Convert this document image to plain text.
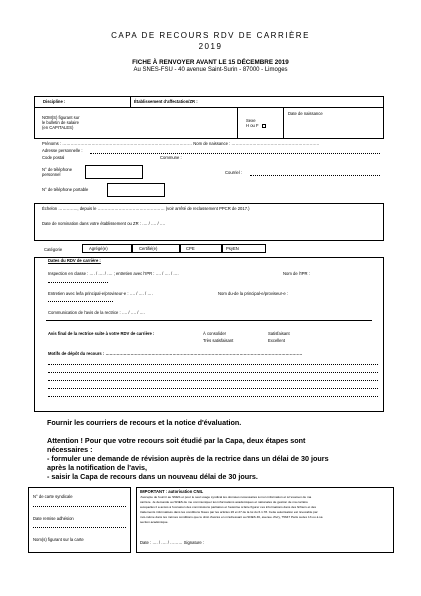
CAPA DE RECOURS RDV DE CARRIÈRE
2019
FICHE À RENVOYER AVANT LE 15 DÉCEMBRE 2019
Au SNES-FSU - 40 avenue Saint-Surin - 87000 - Limoges
Discipline :	Établissement d'affectation/ZR :
NOM(S) figurant sur
le bulletin de salaire
(en CAPITALES)
Sexe
H ou F
Date de naissance
Prénoms : ………………………………………………………………………………… Nom de naissance : ………………………………………………………
Adresse personnelle :
Code postal	Commune :
N° de téléphone
personnel	Courriel :
N° de téléphone portable
Échelon ………….., depuis le ………………………………………… (voir arrêté de reclassement PPCR de 2017.)
Date de nomination dans votre établissement ou ZR : …. / …. / ….
Catégorie	Agrégé(e)	Certifié(e)	CPE	PsyEN
Dates du RDV de carrière :
Inspection en classe : …. / …. / …. ; entretien avec l'IPR : …. / …. / ….	Nom de l'IPR :
Entretien avec le/la principal-e/proviseur-e : …. / …. / ….	Nom du-de la principal-e/proviseur-e :
Communication de l'avis de la rectrice : …. / …. / ….
Avis final de la rectrice suite à votre RDV de carrière :	À consolider	Satisfaisant
Très satisfaisant	Excellent
Motifs de dépôt du recours : ……………………………………………………………………………………………………………………………
Fournir les courriers de recours et la notice d'évaluation.
Attention ! Pour que votre recours soit étudié par la Capa, deux étapes sont
nécessaires :
- formuler une demande de révision auprès de la rectrice dans un délai de 30 jours
après la notification de l'avis,
- saisir la Capa de recours dans un nouveau délai de 30 jours.
N° de carte syndicale
Date remise adhésion
Nom(s) figurant sur la carte
IMPORTANT : autorisation CNIL
J'accepte de fournir au SNES et pour le seul usage syndical les données nécessaires à mon information et à l'examen de ma
carrière. Je demande au SNES de me communiquer les informations académiques et nationales de gestion de ma carrière
auxquelles il a accès à l'occasion des commissions paritaires et l'autorise à faire figurer ces informations dans des fichiers et des
traitements informatisés dans les conditions fixées par les articles 26 et 27 de la loi du 6.1.78. Cette autorisation est révocable par
moi-même dans les mêmes conditions que le droit d'accès en m'adressant au SNES 46, avenue d'Ivry, 75647 Paris cedex 13 ou à sa
section académique.
Date : …. / …. / ……… Signature :
